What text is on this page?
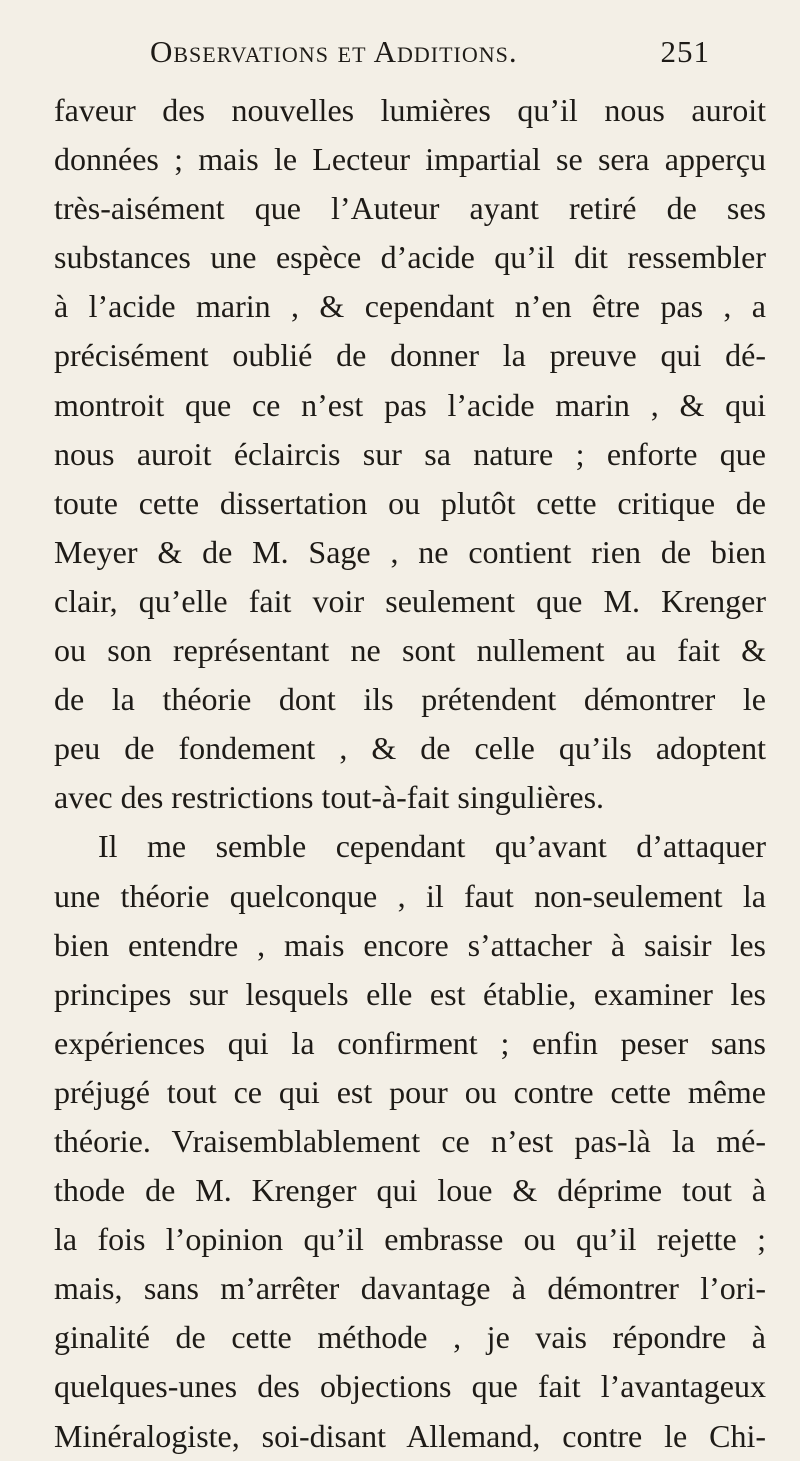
Observations et Additions.	251
faveur des nouvelles lumières qu’il nous auroit
données ; mais le Lecteur impartial se sera apperçu
très-aisément que l’Auteur ayant retiré de ses
substances une espèce d’acide qu’il dit ressembler
à l’acide marin , & cependant n’en être pas , a
précisément oublié de donner la preuve qui dé-
montroit que ce n’est pas l’acide marin , & qui
nous auroit éclaircis sur sa nature ; enforte que
toute cette dissertation ou plutôt cette critique de
Meyer & de M. Sage , ne contient rien de bien
clair, qu’elle fait voir seulement que M. Krenger
ou son représentant ne sont nullement au fait &
de la théorie dont ils prétendent démontrer le
peu de fondement , & de celle qu’ils adoptent
avec des restrictions tout-à-fait singulières.
Il me semble cependant qu’avant d’attaquer
une théorie quelconque , il faut non-seulement la
bien entendre , mais encore s’attacher à saisir les
principes sur lesquels elle est établie, examiner les
expériences qui la confirment ; enfin peser sans
préjugé tout ce qui est pour ou contre cette même
théorie. Vraisemblablement ce n’est pas-là la mé-
thode de M. Krenger qui loue & déprime tout à
la fois l’opinion qu’il embrasse ou qu’il rejette ;
mais, sans m’arrêter davantage à démontrer l’ori-
ginalité de cette méthode , je vais répondre à
quelques-unes des objections que fait l’avantageux
Minéralogiste, soi-disant Allemand, contre le Chi-
